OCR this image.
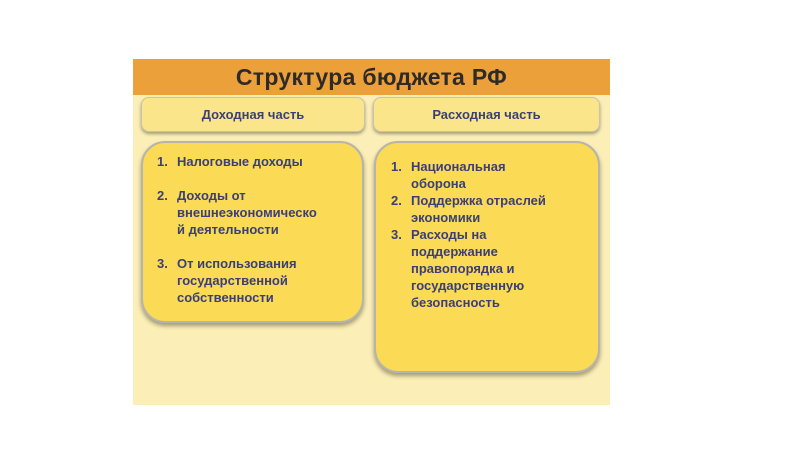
Структура бюджета РФ
Доходная часть	Расходная часть
1. Налоговые доходы
2. Доходы от
внешнеэкономическо
й деятельности
3. От использования
государственной
собственности
1. Национальная
оборона
2. Поддержка отраслей
экономики
3. Расходы на
поддержание
правопорядка и
государственную
безопасность
